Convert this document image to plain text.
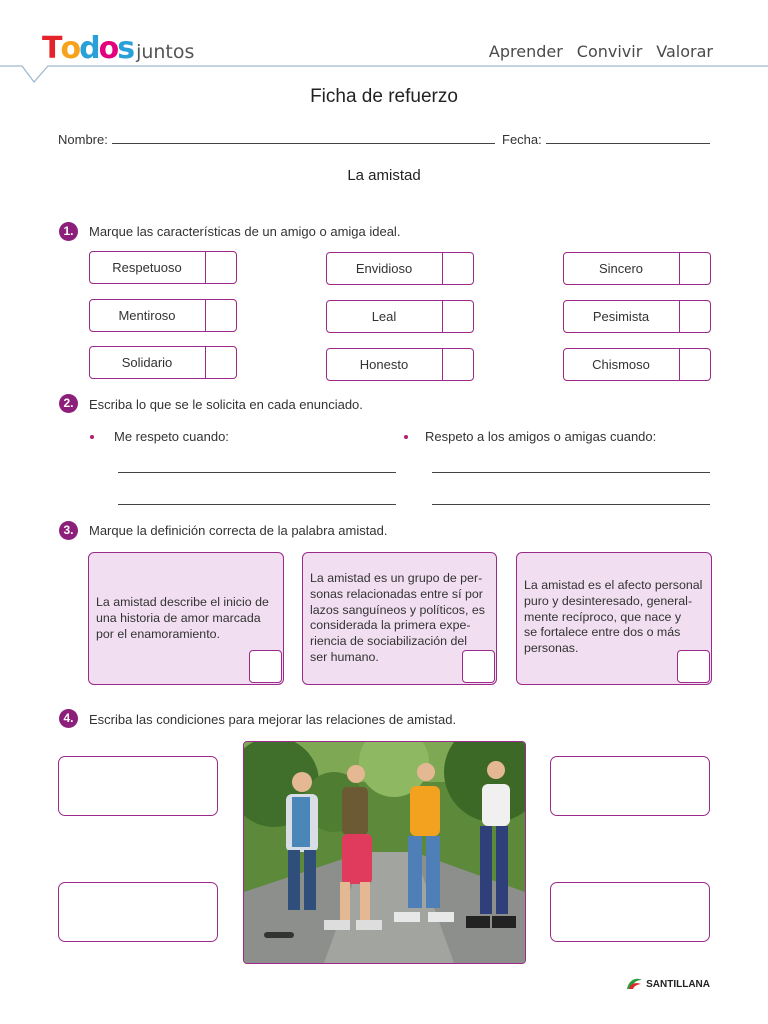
T o d o s juntos	Aprender Convivir Valorar
Ficha de refuerzo
Nombre:	Fecha:
La amistad
1.	Marque las características de un amigo o amiga ideal.
Respetuoso	Envidioso	Sincero
Mentiroso	Leal	Pesimista
Solidario	Honesto	Chismoso
2.	Escriba lo que se le solicita en cada enunciado.
Me respeto cuando:	Respeto a los amigos o amigas cuando:
3.	Marque la definición correcta de la palabra amistad.
La amistad describe el inicio de
una historia de amor marcada
por el enamoramiento.
La amistad es un grupo de per-
sonas relacionadas entre sí por
lazos sanguíneos y políticos, es
considerada la primera expe-
riencia de sociabilización del
ser humano.
La amistad es el afecto personal
puro y desinteresado, general-
mente recíproco, que nace y
se fortalece entre dos o más
personas.
4.	Escriba las condiciones para mejorar las relaciones de amistad.
SANTILLANA
